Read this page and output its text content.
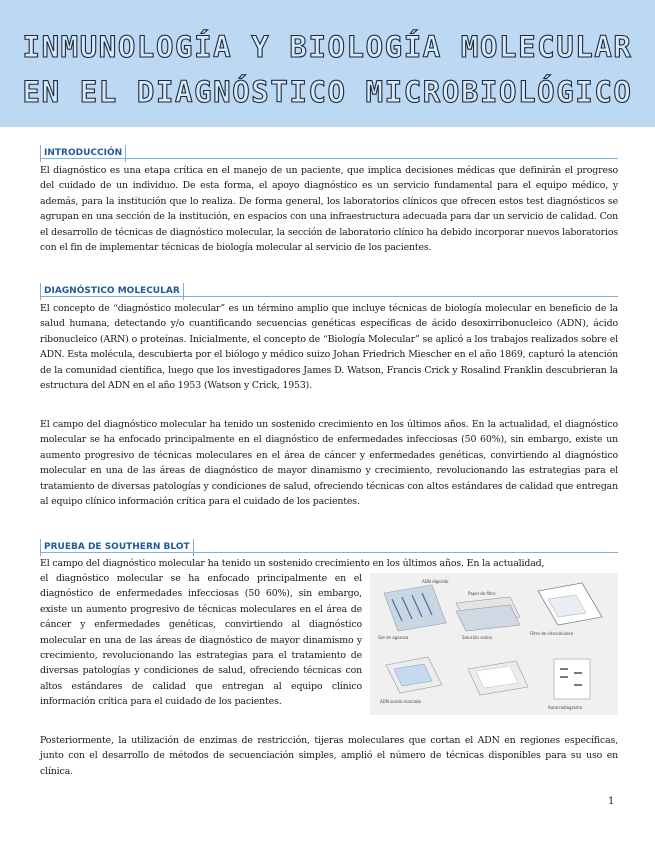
INMUNOLOGÍA Y BIOLOGÍA MOLECULAR
EN EL DIAGNÓSTICO MICROBIOLÓGICO
INTRODUCCIÓN

El diagnóstico es una etapa crítica en el manejo de un paciente, que implica decisiones médicas que definirán el progreso del cuidado de un individuo. De esta forma, el apoyo diagnóstico es un servicio fundamental para el equipo médico, y además, para la institución que lo realiza. De forma general, los laboratorios clínicos que ofrecen estos test diagnósticos se agrupan en una sección de la institución, en espacios con una infraestructura adecuada para dar un servicio de calidad. Con el desarrollo de técnicas de diagnóstico molecular, la sección de laboratorio clínico ha debido incorporar nuevos laboratorios con el fin de implementar técnicas de biología molecular al servicio de los pacientes.

DIAGNÓSTICO MOLECULAR

El concepto de “diagnóstico molecular” es un término amplio que incluye técnicas de biología molecular en beneficio de la salud humana, detectando y/o cuantificando secuencias genéticas específicas de ácido desoxirribonucleico (ADN), ácido ribonucleico (ARN) o proteínas. Inicialmente, el concepto de “Biología Molecular” se aplicó a los trabajos realizados sobre el ADN. Esta molécula, descubierta por el biólogo y médico suizo Johan Friedrich Miescher en el año 1869, capturó la atención de la comunidad científica, luego que los investigadores James D. Watson, Francis Crick y Rosalind Franklin descubrieran la estructura del ADN en el año 1953 (Watson y Crick, 1953).

El campo del diagnóstico molecular ha tenido un sostenido crecimiento en los últimos años. En la actualidad, el diagnóstico molecular se ha enfocado principalmente en el diagnóstico de enfermedades infecciosas (50 60%), sin embargo, existe un aumento progresivo de técnicas moleculares en el área de cáncer y enfermedades genéticas, convirtiendo al diagnóstico molecular en una de las áreas de diagnóstico de mayor dinamismo y crecimiento, revolucionando las estrategias para el tratamiento de diversas patologías y condiciones de salud, ofreciendo técnicas con altos estándares de calidad que entregan al equipo clínico información crítica para el cuidado de los pacientes.

PRUEBA DE SOUTHERN BLOT

El campo del diagnóstico molecular ha tenido un sostenido crecimiento en los últimos años. En la actualidad,

el diagnóstico molecular se ha enfocado principalmente en el diagnóstico de enfermedades infecciosas (50 60%), sin embargo, existe un aumento progresivo de técnicas moleculares en el área de cáncer y enfermedades genéticas, convirtiendo al diagnóstico molecular en una de las áreas de diagnóstico de mayor dinamismo y crecimiento, revolucionando las estrategias para el tratamiento de diversas patologías y condiciones de salud, ofreciendo técnicas con altos estándares de calidad que entregan al equipo clínico información crítica para el cuidado de los pacientes.

ADN digerido
Gel de agarosa
Papel de filtro
Solución salina
Filtro de nitrocelulosa
ADN sonda marcada
Autorradiograma

Posteriormente, la utilización de enzimas de restricción, tijeras moleculares que cortan el ADN en regiones específicas, junto con el desarrollo de métodos de secuenciación simples, amplió el número de técnicas disponibles para su uso en clínica.

1
